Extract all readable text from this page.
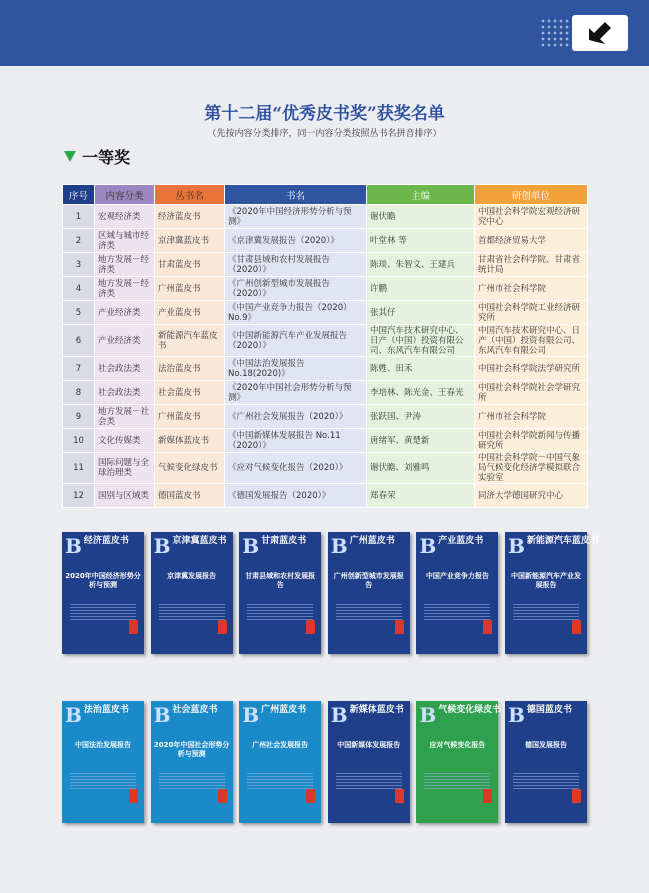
第十二届“优秀皮书奖”获奖名单
（先按内容分类排序，同一内容分类按照丛书名拼音排序）
一等奖
序号	内容分类	丛书名	书名	主编	研创单位
1	宏观经济类	经济蓝皮书	《2020年中国经济形势分析与预测》	谢伏瞻	中国社会科学院宏观经济研究中心
2	区域与城市经济类	京津冀蓝皮书	《京津冀发展报告（2020）》	叶堂林 等	首都经济贸易大学
3	地方发展－经济类	甘肃蓝皮书	《甘肃县域和农村发展报告（2020）》	陈琰、朱智文、王建兵	甘肃省社会科学院、甘肃省统计局
4	地方发展－经济类	广州蓝皮书	《广州创新型城市发展报告（2020）》	许鹏	广州市社会科学院
5	产业经济类	产业蓝皮书	《中国产业竞争力报告（2020）No.9》	张其仔	中国社会科学院工业经济研究所
6	产业经济类	新能源汽车蓝皮书	《中国新能源汽车产业发展报告（2020）》	中国汽车技术研究中心、日产（中国）投资有限公司、东风汽车有限公司	中国汽车技术研究中心、日产（中国）投资有限公司、东风汽车有限公司
7	社会政法类	法治蓝皮书	《中国法治发展报告 No.18(2020)》	陈甦、田禾	中国社会科学院法学研究所
8	社会政法类	社会蓝皮书	《2020年中国社会形势分析与预测》	李培林、陈光金、王春光	中国社会科学院社会学研究所
9	地方发展－社会类	广州蓝皮书	《广州社会发展报告（2020）》	张跃国、尹涛	广州市社会科学院
10	文化传媒类	新媒体蓝皮书	《中国新媒体发展报告 No.11（2020）》	唐绪军、黄楚新	中国社会科学院新闻与传播研究所
11	国际问题与全球治理类	气候变化绿皮书	《应对气候变化报告（2020）》	谢伏瞻、刘雅鸣	中国社会科学院－中国气象局气候变化经济学模拟联合实验室
12	国别与区域类	德国蓝皮书	《德国发展报告（2020）》	郑春荣	同济大学德国研究中心
B 经济蓝皮书
2020年中国经济形势分析与预测
B 京津冀蓝皮书
京津冀发展报告
B 甘肃蓝皮书
甘肃县域和农村发展报告
B 广州蓝皮书
广州创新型城市发展报告
B 产业蓝皮书
中国产业竞争力报告
B 新能源汽车蓝皮书
中国新能源汽车产业发展报告
B 法治蓝皮书
中国法治发展报告
B 社会蓝皮书
2020年中国社会形势分析与预测
B 广州蓝皮书
广州社会发展报告
B 新媒体蓝皮书
中国新媒体发展报告
B 气候变化绿皮书
应对气候变化报告
B 德国蓝皮书
德国发展报告
